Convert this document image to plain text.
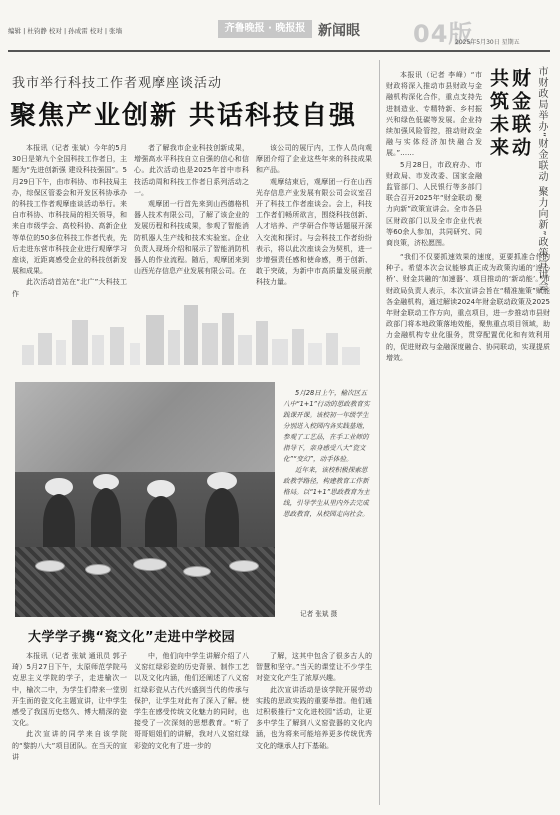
编辑 | 杜钧静 校对 | 孙成雷 校对 | 张墙	齐鲁晚报 · 晚报报 新闻眼 04版
2025年5月30日 星期五
我市举行科技工作者观摩座谈活动
聚焦产业创新 共话科技自强

本报讯（记者 张斌）今年的5月30日是第九个全国科技工作者日，主题为“先进创新强 建设科技强国”。5月29日下午，由市科协、市科技局主办，综保区管委会和开发区科协承办的科技工作者观摩座谈活动举行。来自市科协、市科技局的相关领导，和来自市级学会、高校科协、高新企业等单位的50多位科技工作者代表，先后走进东营市科技企业进行观摩学习座谈，近距离感受企业的科技创新发展和成果。

此次活动首站在“北广”大科技工作

者了解我市企业科技创新成果，增强高水平科技自立自强的信心和信心。此次活动也是2025年首中市科技活动周和科技工作者日系列活动之一。

观摩团一行首先来到山西德格机器人技术有限公司，了解了该企业的发展历程和科技成果，参观了智能消防机器人生产线和技术实验室。企业负责人现场介绍和展示了智能消防机器人的作业流程。随后，观摩团来到山西光存信息产业发展有限公司。在

该公司的展厅内，工作人员向观摩团介绍了企业这些年来的科技成果和产品。

观摩结束后，观摩团一行在山西光存信息产业发展有限公司会议室召开了科技工作者座谈会。会上，科技工作者们畅所欲言，围绕科技创新、人才培养、产学研合作等话题展开深入交流和探讨。与会科技工作者纷纷表示，将以此次座谈会为契机，进一步增强责任感和使命感，勇于创新、敢于突破，为新中市高质量发展贡献科技力量。

5月28日上午，榆次区五八中“1+1”行动的思政教育实践课开课。该校初一年级学生分别进入校园内各实践基地，参观了工艺品，在手工业师的指导下，亲身感受八大“瓷文化”“变幻”，动手体验。

近年来，该校积极探索思政教学路径，构建教育工作新格局。以“1+1”思政教育为主线，引导学生从里内外去完成思政教育，从校园走向社会。

记者 张斌 摄
大学学子携“瓷文化”走进中学校园

本报讯（记者 张斌 通讯员 郭子琦）5月27日下午，太原师范学院马克思主义学院的学子，走进榆次一中，榆次二中，为学生们带来一堂别开生面的瓷文化主题宣讲，让中学生感受了我国历史悠久、博大精深的瓷文化。

此次宣讲的同学来自该学院的“黎韵八大”项目团队。在当天的宣讲

中，他们向中学生讲解介绍了八义窑红绿彩瓷的历史背景、制作工艺以及文化内涵，他们还阐述了八义窑红绿彩瓷从古代兴盛到当代的传承与保护，让学生对此有了深入了解。使学生在感受传统文化魅力的同时，也接受了一次深刻的思想教育。“听了哥哥姐姐们的讲解，我对八义窑红绿彩瓷的文化有了进一步的

了解，这其中包含了很多古人的智慧和坚守。”当天的课堂让不少学生对瓷文化产生了浓厚兴趣。

此次宣讲活动是该学院开展劳动实践的思政实践的重要举措。他们通过积极推行“文化进校园”活动，让更多中学生了解到八义窑瓷器的文化内涵，也为将来可能培养更多传统优秀文化的继承人打下基础。

财金联动
共筑未来	市财政局举办“财金联动 聚力向新”政策宣讲会

本报讯（记者 李峰）“市财政将深入推动市县财政与金融机构深化合作，重点支持先进制造业、专精特新、乡村振兴和绿色低碳等发展。企业持续加强风险管控，推动财政金融与实体经济加快融合发展。”……

5月28日，市政府办、市财政局、市发改委、国家金融监管部门、人民银行等多部门联合召开2025年“财金联动 聚力向新”政策宣讲会。全市各县区财政部门以及全市企业代表等60余人参加，共同研究、同商良策，济松愿图。

“我们不仅要抓速效果的速度，更要抓准合作的种子。希望本次会议能够真正成为政策沟通的‘连心桥’、财金共融的‘加速器’、项目推动的‘新动能’。”市财政局负责人表示，本次宣讲会旨在“精准施策”赋能各金融机构，通过解读2024年财金联动政策及2025年财金联动工作方向，重点项目，进一步推动市县财政部门将本地政策落地效能，聚焦重点项目领域，助力金融机构专业化服务，贯穿配置优化和有效利用的，促进财政与金融深度融合、协同联动，实现提质增效。
